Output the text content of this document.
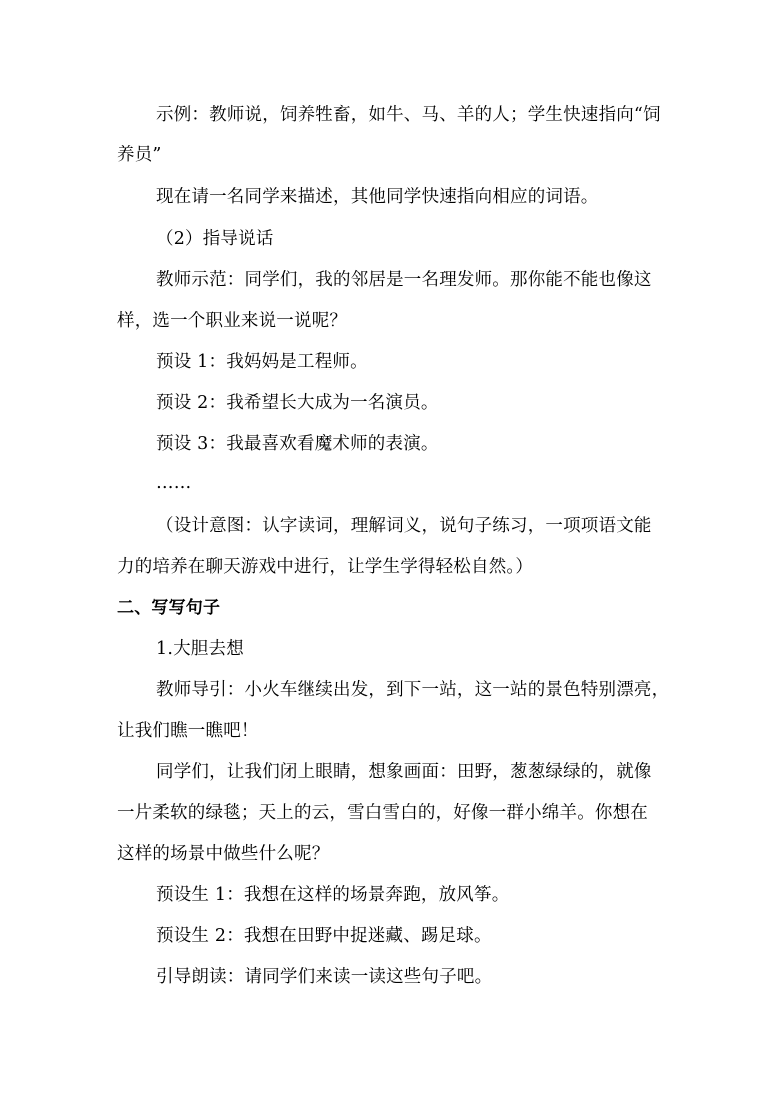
示例：教师说，饲养牲畜，如牛、马、羊的人；学生快速指向“饲
养员”
现在请一名同学来描述，其他同学快速指向相应的词语。
（2）指导说话
教师示范：同学们，我的邻居是一名理发师。那你能不能也像这
样，选一个职业来说一说呢？
预设 1：我妈妈是工程师。
预设 2：我希望长大成为一名演员。
预设 3：我最喜欢看魔术师的表演。
……
（设计意图：认字读词，理解词义，说句子练习，一项项语文能
力的培养在聊天游戏中进行，让学生学得轻松自然。）
二、写写句子
1.大胆去想
教师导引：小火车继续出发，到下一站，这一站的景色特别漂亮，
让我们瞧一瞧吧！
同学们，让我们闭上眼睛，想象画面：田野，葱葱绿绿的，就像
一片柔软的绿毯；天上的云，雪白雪白的，好像一群小绵羊。你想在
这样的场景中做些什么呢？
预设生 1：我想在这样的场景奔跑，放风筝。
预设生 2：我想在田野中捉迷藏、踢足球。
引导朗读：请同学们来读一读这些句子吧。
